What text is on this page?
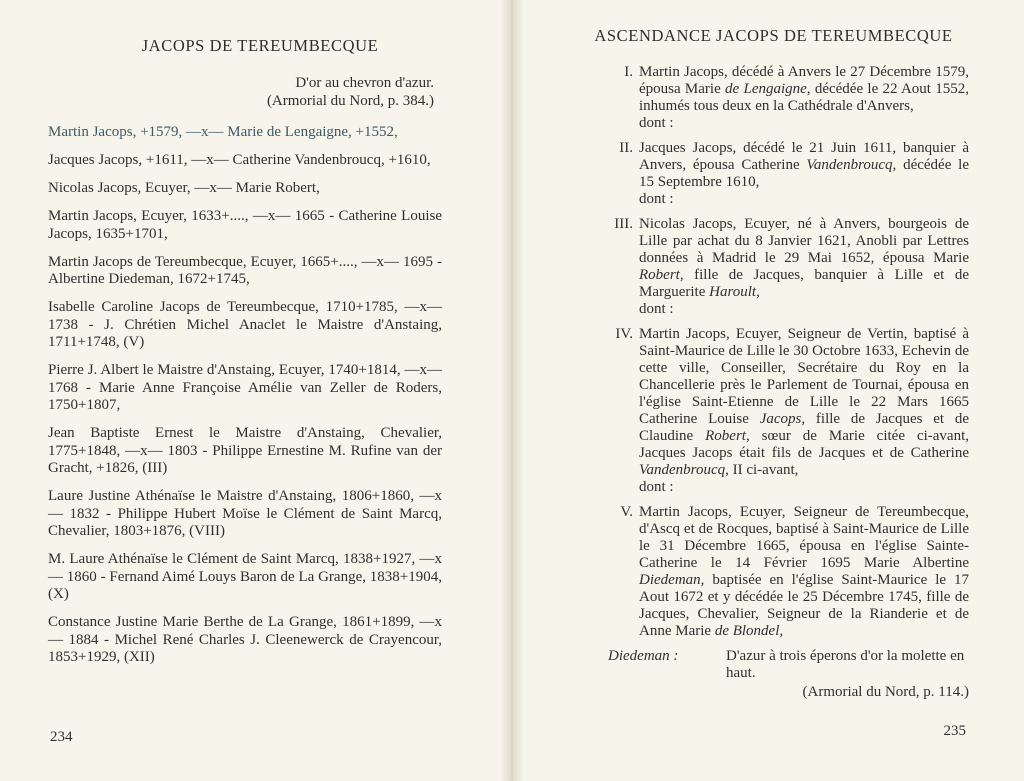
JACOPS DE TEREUMBECQUE
D'or au chevron d'azur.
(Armorial du Nord, p. 384.)

Martin Jacops, +1579, —x— Marie de Lengaigne, +1552,

Jacques Jacops, +1611, —x— Catherine Vandenbroucq, +1610,

Nicolas Jacops, Ecuyer, —x— Marie Robert,

Martin Jacops, Ecuyer, 1633+...., —x— 1665 - Catherine Louise Jacops, 1635+1701,

Martin Jacops de Tereumbecque, Ecuyer, 1665+...., —x— 1695 - Albertine Diedeman, 1672+1745,

Isabelle Caroline Jacops de Tereumbecque, 1710+1785, —x— 1738 - J. Chrétien Michel Anaclet le Maistre d'Anstaing, 1711+1748, (V)

Pierre J. Albert le Maistre d'Anstaing, Ecuyer, 1740+1814, —x— 1768 - Marie Anne Françoise Amélie van Zeller de Roders, 1750+1807,

Jean Baptiste Ernest le Maistre d'Anstaing, Chevalier, 1775+1848, —x— 1803 - Philippe Ernestine M. Rufine van der Gracht, +1826, (III)

Laure Justine Athénaïse le Maistre d'Anstaing, 1806+1860, —x— 1832 - Philippe Hubert Moïse le Clément de Saint Marcq, Chevalier, 1803+1876, (VIII)

M. Laure Athénaïse le Clément de Saint Marcq, 1838+1927, —x— 1860 - Fernand Aimé Louys Baron de La Grange, 1838+1904, (X)

Constance Justine Marie Berthe de La Grange, 1861+1899, —x— 1884 - Michel René Charles J. Cleenewerck de Crayencour, 1853+1929, (XII)

234
ASCENDANCE JACOPS DE TEREUMBECQUE
I. Martin Jacops, décédé à Anvers le 27 Décembre 1579, épousa Marie de Lengaigne, décédée le 22 Aout 1552, inhumés tous deux en la Cathédrale d'Anvers,
dont :
II. Jacques Jacops, décédé le 21 Juin 1611, banquier à Anvers, épousa Catherine Vandenbroucq, décédée le 15 Septembre 1610,
dont :
III. Nicolas Jacops, Ecuyer, né à Anvers, bourgeois de Lille par achat du 8 Janvier 1621, Anobli par Lettres données à Madrid le 29 Mai 1652, épousa Marie Robert, fille de Jacques, banquier à Lille et de Marguerite Haroult,
dont :
IV. Martin Jacops, Ecuyer, Seigneur de Vertin, baptisé à Saint-Maurice de Lille le 30 Octobre 1633, Echevin de cette ville, Conseiller, Secrétaire du Roy en la Chancellerie près le Parlement de Tournai, épousa en l'église Saint-Etienne de Lille le 22 Mars 1665 Catherine Louise Jacops, fille de Jacques et de Claudine Robert, sœur de Marie citée ci-avant, Jacques Jacops était fils de Jacques et de Catherine Vandenbroucq, II ci-avant,
dont :
V. Martin Jacops, Ecuyer, Seigneur de Tereumbecque, d'Ascq et de Rocques, baptisé à Saint-Maurice de Lille le 31 Décembre 1665, épousa en l'église Sainte-Catherine le 14 Février 1695 Marie Albertine Diedeman, baptisée en l'église Saint-Maurice le 17 Aout 1672 et y décédée le 25 Décembre 1745, fille de Jacques, Chevalier, Seigneur de la Rianderie et de Anne Marie de Blondel,
Diedeman :	D'azur à trois éperons d'or la molette en haut.
(Armorial du Nord, p. 114.)
235
